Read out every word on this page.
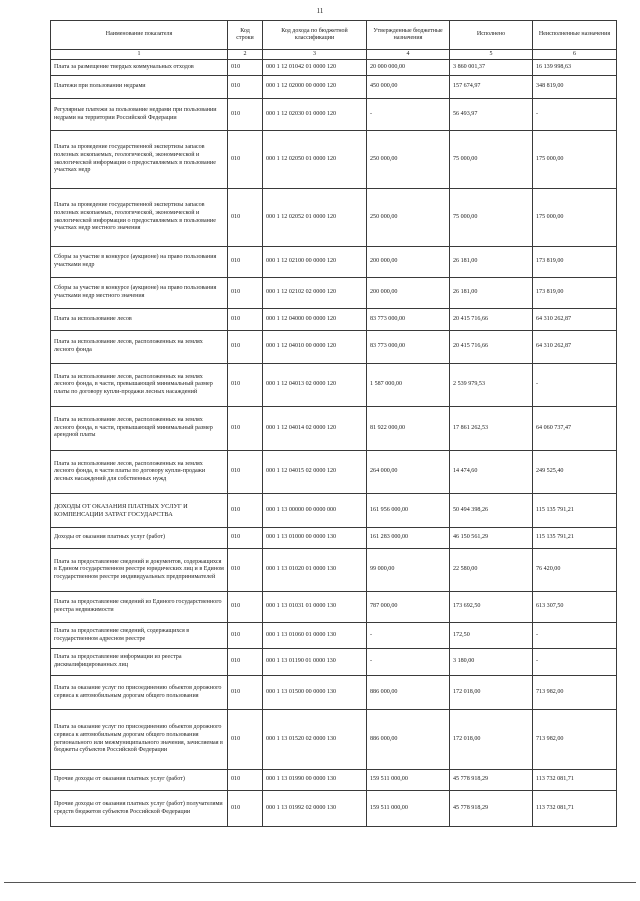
11
Наименование показателя	Код строки	Код дохода по бюджетной классификации	Утвержденные бюджетные назначения	Исполнено	Неисполненные назначения
1	2	3	4	5	6
Плата за размещение твердых коммунальных отходов	010	000 1 12 01042 01 0000 120	20 000 000,00	3 860 001,37	16 139 998,63
Платежи при пользовании недрами	010	000 1 12 02000 00 0000 120	450 000,00	157 674,97	348 819,00
Регулярные платежи за пользование недрами при пользовании недрами на территории Российской Федерации	010	000 1 12 02030 01 0000 120	-	56 493,97	-
Плата за проведение государственной экспертизы запасов полезных ископаемых, геологической, экономической и экологической информации о предоставляемых в пользование участках недр	010	000 1 12 02050 01 0000 120	250 000,00	75 000,00	175 000,00
Плата за проведение государственной экспертизы запасов полезных ископаемых, геологической, экономической и экологической информации о предоставляемых в пользование участках недр местного значения	010	000 1 12 02052 01 0000 120	250 000,00	75 000,00	175 000,00
Сборы за участие в конкурсе (аукционе) на право пользования участками недр	010	000 1 12 02100 00 0000 120	200 000,00	26 181,00	173 819,00
Сборы за участие в конкурсе (аукционе) на право пользования участками недр местного значения	010	000 1 12 02102 02 0000 120	200 000,00	26 181,00	173 819,00
Плата за использование лесов	010	000 1 12 04000 00 0000 120	83 773 000,00	20 415 716,66	64 310 262,87
Плата за использование лесов, расположенных на землях лесного фонда	010	000 1 12 04010 00 0000 120	83 773 000,00	20 415 716,66	64 310 262,87
Плата за использование лесов, расположенных на землях лесного фонда, в части, превышающей минимальный размер платы по договору купли-продажи лесных насаждений	010	000 1 12 04013 02 0000 120	1 587 000,00	2 539 979,53	-
Плата за использование лесов, расположенных на землях лесного фонда, в части, превышающей минимальный размер арендной платы	010	000 1 12 04014 02 0000 120	81 922 000,00	17 861 262,53	64 060 737,47
Плата за использование лесов, расположенных на землях лесного фонда, в части платы по договору купли-продажи лесных насаждений для собственных нужд	010	000 1 12 04015 02 0000 120	264 000,00	14 474,60	249 525,40
ДОХОДЫ ОТ ОКАЗАНИЯ ПЛАТНЫХ УСЛУГ И КОМПЕНСАЦИИ ЗАТРАТ ГОСУДАРСТВА	010	000 1 13 00000 00 0000 000	161 956 000,00	50 494 398,26	115 135 791,21
Доходы от оказания платных услуг (работ)	010	000 1 13 01000 00 0000 130	161 283 000,00	46 150 561,29	115 135 791,21
Плата за предоставление сведений и документов, содержащихся в Едином государственном реестре юридических лиц и в Едином государственном реестре индивидуальных предпринимателей	010	000 1 13 01020 01 0000 130	99 000,00	22 580,00	76 420,00
Плата за предоставление сведений из Единого государственного реестра недвижимости	010	000 1 13 01031 01 0000 130	787 000,00	173 692,50	613 307,50
Плата за предоставление сведений, содержащихся в государственном адресном реестре	010	000 1 13 01060 01 0000 130	-	172,50	-
Плата за предоставление информации из реестра дисквалифицированных лиц	010	000 1 13 01190 01 0000 130	-	3 180,00	-
Плата за оказание услуг по присоединению объектов дорожного сервиса к автомобильным дорогам общего пользования	010	000 1 13 01500 00 0000 130	886 000,00	172 018,00	713 982,00
Плата за оказание услуг по присоединению объектов дорожного сервиса к автомобильным дорогам общего пользования регионального или межмуниципального значения, зачисляемая в бюджеты субъектов Российской Федерации	010	000 1 13 01520 02 0000 130	886 000,00	172 018,00	713 982,00
Прочие доходы от оказания платных услуг (работ)	010	000 1 13 01990 00 0000 130	159 511 000,00	45 778 918,29	113 732 081,71
Прочие доходы от оказания платных услуг (работ) получателями средств бюджетов субъектов Российской Федерации	010	000 1 13 01992 02 0000 130	159 511 000,00	45 778 918,29	113 732 081,71
